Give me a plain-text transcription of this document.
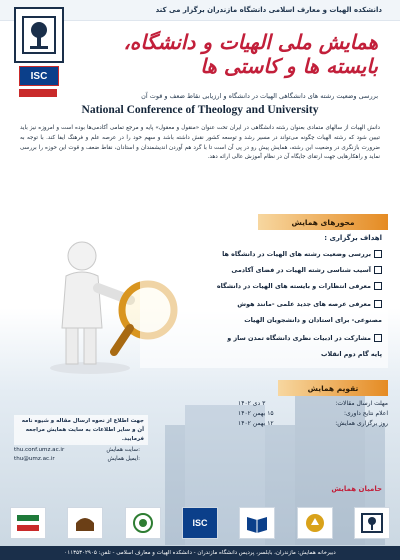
ISC
دانشکده الهیات و معارف اسلامی دانشگاه مازندران برگزار می کند
همایش ملی الهیات و دانشگاه، بایسته ها و کاستی ها
بررسی وضعیت رشته های دانشگاهی الهیات در دانشگاه و ارزیابی نقاط ضعف و قوت آن
National Conference of Theology and University
دانش الهیات از سالهای متمادی بعنوان رشته دانشگاهی در ایران تحت عنوان «منقول و معقول» پایه و مرجع تمامی آکادمی‌ها بوده است و امروزه نیز باید تبیین شود که رشته الهیات چگونه می‌تواند در مسیر رشد و توسعه کشور نقش داشته باشد و سهم خود را در عرصه علم و فرهنگ ایفا کند. با توجه به ضرورت بازنگری در وضعیت این رشته، همایش پیش رو در پی آن است تا با گرد هم آوردن اندیشمندان و استادان، نقاط ضعف و قوت این حوزه را بررسی نماید و راهکارهایی جهت ارتقای جایگاه آن در نظام آموزش عالی ارائه دهد.
محورهای همایش
اهداف برگزاری :
بررسی وضعیت رشته های الهیات در دانشگاه ها
آسیب شناسی رشته الهیات در فضای آکادمی
معرفی انتظارات و بایسته های الهیات در دانشگاه
معرفی عرصه های جدید علمی -مانند هوش
مصنوعی- برای استادان و دانشجویان الهیات
مشارکت در ادبیات نظری دانشگاه تمدن ساز و
پایه گام دوم انقلاب
تقویم همایش
مهلت ارسال مقالات:
۳ دی ۱۴۰۲
اعلام نتایج داوری:
۱۵ بهمن ۱۴۰۲
روز برگزاری همایش:
۱۲ بهمن ۱۴۰۲
جهت اطلاع از نحوه ارسال مقاله و شیوه نامه آن و سایر اطلاعات به سایت همایش مراجعه فرمایید.
thu.conf.umz.ac.ir	سایت همایش:
thu@umz.ac.ir	ایمیل همایش:
حامیان همایش
ISC
دبیرخانه همایش: مازندران، بابلسر، پردیس دانشگاه مازندران - دانشکده الهیات و معارف اسلامی - تلفن: ۰۱۱۳۵۳۰۲۹۰۵
